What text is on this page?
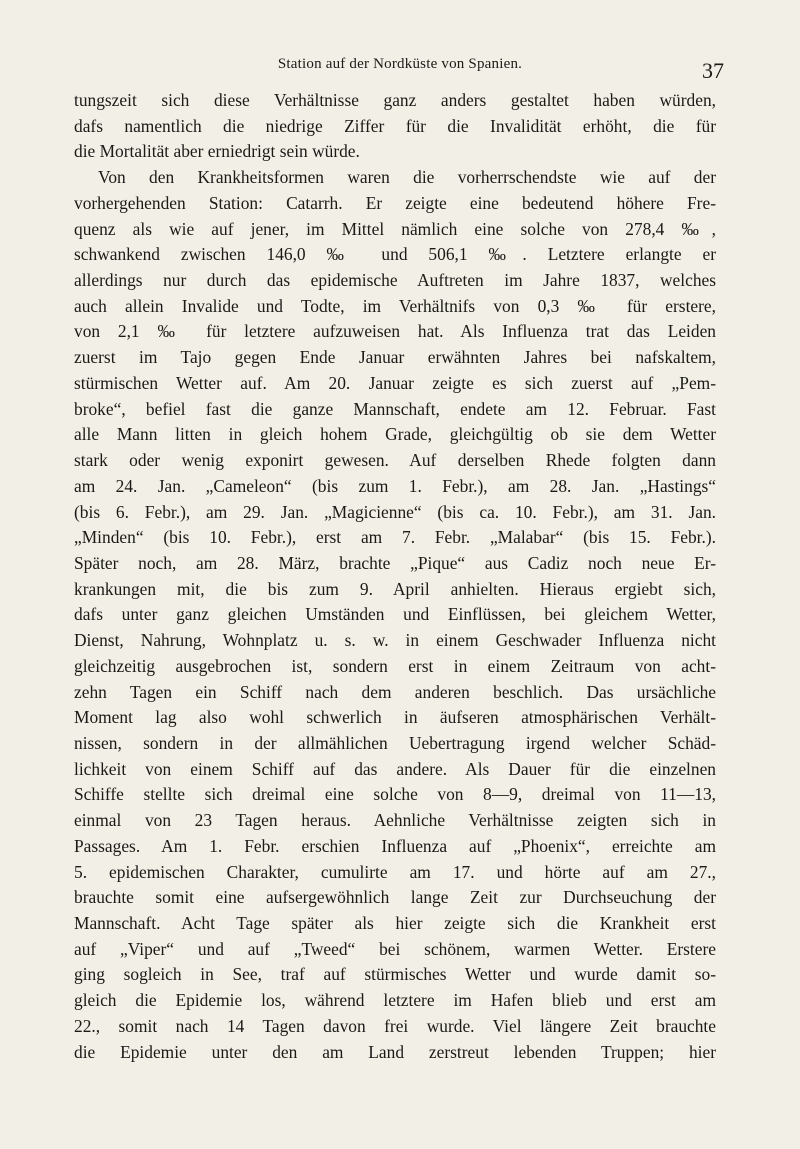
Station auf der Nordküste von Spanien.	37
tungszeit sich diese Verhältnisse ganz anders gestaltet haben würden,
dafs namentlich die niedrige Ziffer für die Invalidität erhöht, die für
die Mortalität aber erniedrigt sein würde.
Von den Krankheitsformen waren die vorherrschendste wie auf der
vorhergehenden Station: Catarrh. Er zeigte eine bedeutend höhere Fre-
quenz als wie auf jener, im Mittel nämlich eine solche von 278,4 ‰,
schwankend zwischen 146,0 ‰ und 506,1 ‰. Letztere erlangte er
allerdings nur durch das epidemische Auftreten im Jahre 1837, welches
auch allein Invalide und Todte, im Verhältnifs von 0,3 ‰ für erstere,
von 2,1 ‰ für letztere aufzuweisen hat. Als Influenza trat das Leiden
zuerst im Tajo gegen Ende Januar erwähnten Jahres bei nafskaltem,
stürmischen Wetter auf. Am 20. Januar zeigte es sich zuerst auf „Pem-
broke“, befiel fast die ganze Mannschaft, endete am 12. Februar. Fast
alle Mann litten in gleich hohem Grade, gleichgültig ob sie dem Wetter
stark oder wenig exponirt gewesen. Auf derselben Rhede folgten dann
am 24. Jan. „Cameleon“ (bis zum 1. Febr.), am 28. Jan. „Hastings“
(bis 6. Febr.), am 29. Jan. „Magicienne“ (bis ca. 10. Febr.), am 31. Jan.
„Minden“ (bis 10. Febr.), erst am 7. Febr. „Malabar“ (bis 15. Febr.).
Später noch, am 28. März, brachte „Pique“ aus Cadiz noch neue Er-
krankungen mit, die bis zum 9. April anhielten. Hieraus ergiebt sich,
dafs unter ganz gleichen Umständen und Einflüssen, bei gleichem Wetter,
Dienst, Nahrung, Wohnplatz u. s. w. in einem Geschwader Influenza nicht
gleichzeitig ausgebrochen ist, sondern erst in einem Zeitraum von acht-
zehn Tagen ein Schiff nach dem anderen beschlich. Das ursächliche
Moment lag also wohl schwerlich in äufseren atmosphärischen Verhält-
nissen, sondern in der allmählichen Uebertragung irgend welcher Schäd-
lichkeit von einem Schiff auf das andere. Als Dauer für die einzelnen
Schiffe stellte sich dreimal eine solche von 8—9, dreimal von 11—13,
einmal von 23 Tagen heraus. Aehnliche Verhältnisse zeigten sich in
Passages. Am 1. Febr. erschien Influenza auf „Phoenix“, erreichte am
5. epidemischen Charakter, cumulirte am 17. und hörte auf am 27.,
brauchte somit eine aufsergewöhnlich lange Zeit zur Durchseuchung der
Mannschaft. Acht Tage später als hier zeigte sich die Krankheit erst
auf „Viper“ und auf „Tweed“ bei schönem, warmen Wetter. Erstere
ging sogleich in See, traf auf stürmisches Wetter und wurde damit so-
gleich die Epidemie los, während letztere im Hafen blieb und erst am
22., somit nach 14 Tagen davon frei wurde. Viel längere Zeit brauchte
die Epidemie unter den am Land zerstreut lebenden Truppen; hier
